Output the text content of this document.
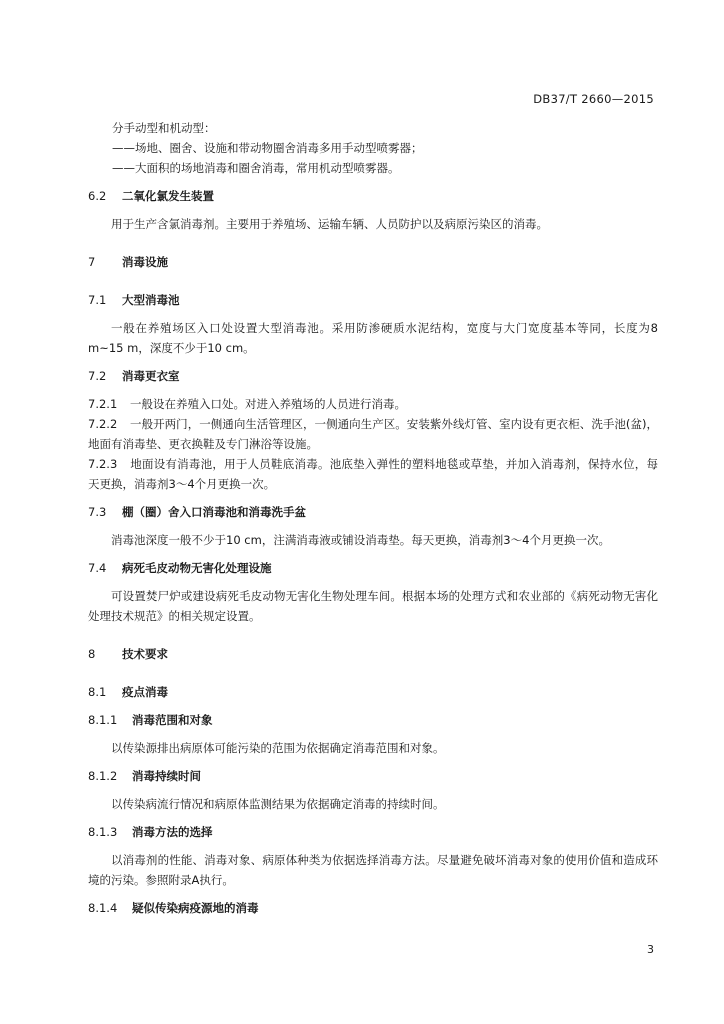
DB37/T 2660—2015

分手动型和机动型：

——场地、圈舍、设施和带动物圈舍消毒多用手动型喷雾器；

——大面积的场地消毒和圈舍消毒，常用机动型喷雾器。

6.2 二氧化氯发生装置

用于生产含氯消毒剂。主要用于养殖场、运输车辆、人员防护以及病原污染区的消毒。

7 消毒设施

7.1 大型消毒池

一般在养殖场区入口处设置大型消毒池。采用防渗硬质水泥结构，宽度与大门宽度基本等同，长度为8 m~15 m，深度不少于10 cm。

7.2 消毒更衣室

7.2.1 一般设在养殖入口处。对进入养殖场的人员进行消毒。

7.2.2 一般开两门，一侧通向生活管理区，一侧通向生产区。安装紫外线灯管、室内设有更衣柜、洗手池(盆)，地面有消毒垫、更衣换鞋及专门淋浴等设施。

7.2.3 地面设有消毒池，用于人员鞋底消毒。池底垫入弹性的塑料地毯或草垫，并加入消毒剂，保持水位，每天更换，消毒剂3～4个月更换一次。

7.3 棚（圈）舍入口消毒池和消毒洗手盆

消毒池深度一般不少于10 cm，注满消毒液或铺设消毒垫。每天更换，消毒剂3～4个月更换一次。

7.4 病死毛皮动物无害化处理设施

可设置焚尸炉或建设病死毛皮动物无害化生物处理车间。根据本场的处理方式和农业部的《病死动物无害化处理技术规范》的相关规定设置。

8 技术要求

8.1 疫点消毒

8.1.1 消毒范围和对象

以传染源排出病原体可能污染的范围为依据确定消毒范围和对象。

8.1.2 消毒持续时间

以传染病流行情况和病原体监测结果为依据确定消毒的持续时间。

8.1.3 消毒方法的选择

以消毒剂的性能、消毒对象、病原体种类为依据选择消毒方法。尽量避免破坏消毒对象的使用价值和造成环境的污染。参照附录A执行。

8.1.4 疑似传染病疫源地的消毒

3
